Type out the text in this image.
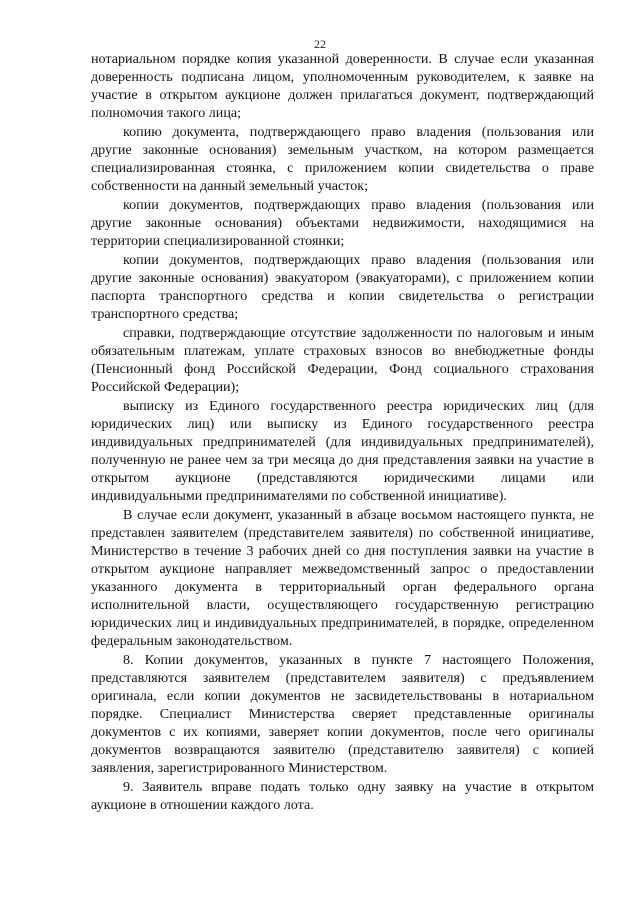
22

нотариальном порядке копия указанной доверенности. В случае если указанная доверенность подписана лицом, уполномоченным руководителем, к заявке на участие в открытом аукционе должен прилагаться документ, подтверждающий полномочия такого лица;

копию документа, подтверждающего право владения (пользования или другие законные основания) земельным участком, на котором размещается специализированная стоянка, с приложением копии свидетельства о праве собственности на данный земельный участок;

копии документов, подтверждающих право владения (пользования или другие законные основания) объектами недвижимости, находящимися на территории специализированной стоянки;

копии документов, подтверждающих право владения (пользования или другие законные основания) эвакуатором (эвакуаторами), с приложением копии паспорта транспортного средства и копии свидетельства о регистрации транспортного средства;

справки, подтверждающие отсутствие задолженности по налоговым и иным обязательным платежам, уплате страховых взносов во внебюджетные фонды (Пенсионный фонд Российской Федерации, Фонд социального страхования Российской Федерации);

выписку из Единого государственного реестра юридических лиц (для юридических лиц) или выписку из Единого государственного реестра индивидуальных предпринимателей (для индивидуальных предпринимателей), полученную не ранее чем за три месяца до дня представления заявки на участие в открытом аукционе (представляются юридическими лицами или индивидуальными предпринимателями по собственной инициативе).

В случае если документ, указанный в абзаце восьмом настоящего пункта, не представлен заявителем (представителем заявителя) по собственной инициативе, Министерство в течение 3 рабочих дней со дня поступления заявки на участие в открытом аукционе направляет межведомственный запрос о предоставлении указанного документа в территориальный орган федерального органа исполнительной власти, осуществляющего государственную регистрацию юридических лиц и индивидуальных предпринимателей, в порядке, определенном федеральным законодательством.

8. Копии документов, указанных в пункте 7 настоящего Положения, представляются заявителем (представителем заявителя) с предъявлением оригинала, если копии документов не засвидетельствованы в нотариальном порядке. Специалист Министерства сверяет представленные оригиналы документов с их копиями, заверяет копии документов, после чего оригиналы документов возвращаются заявителю (представителю заявителя) с копией заявления, зарегистрированного Министерством.

9. Заявитель вправе подать только одну заявку на участие в открытом аукционе в отношении каждого лота.
